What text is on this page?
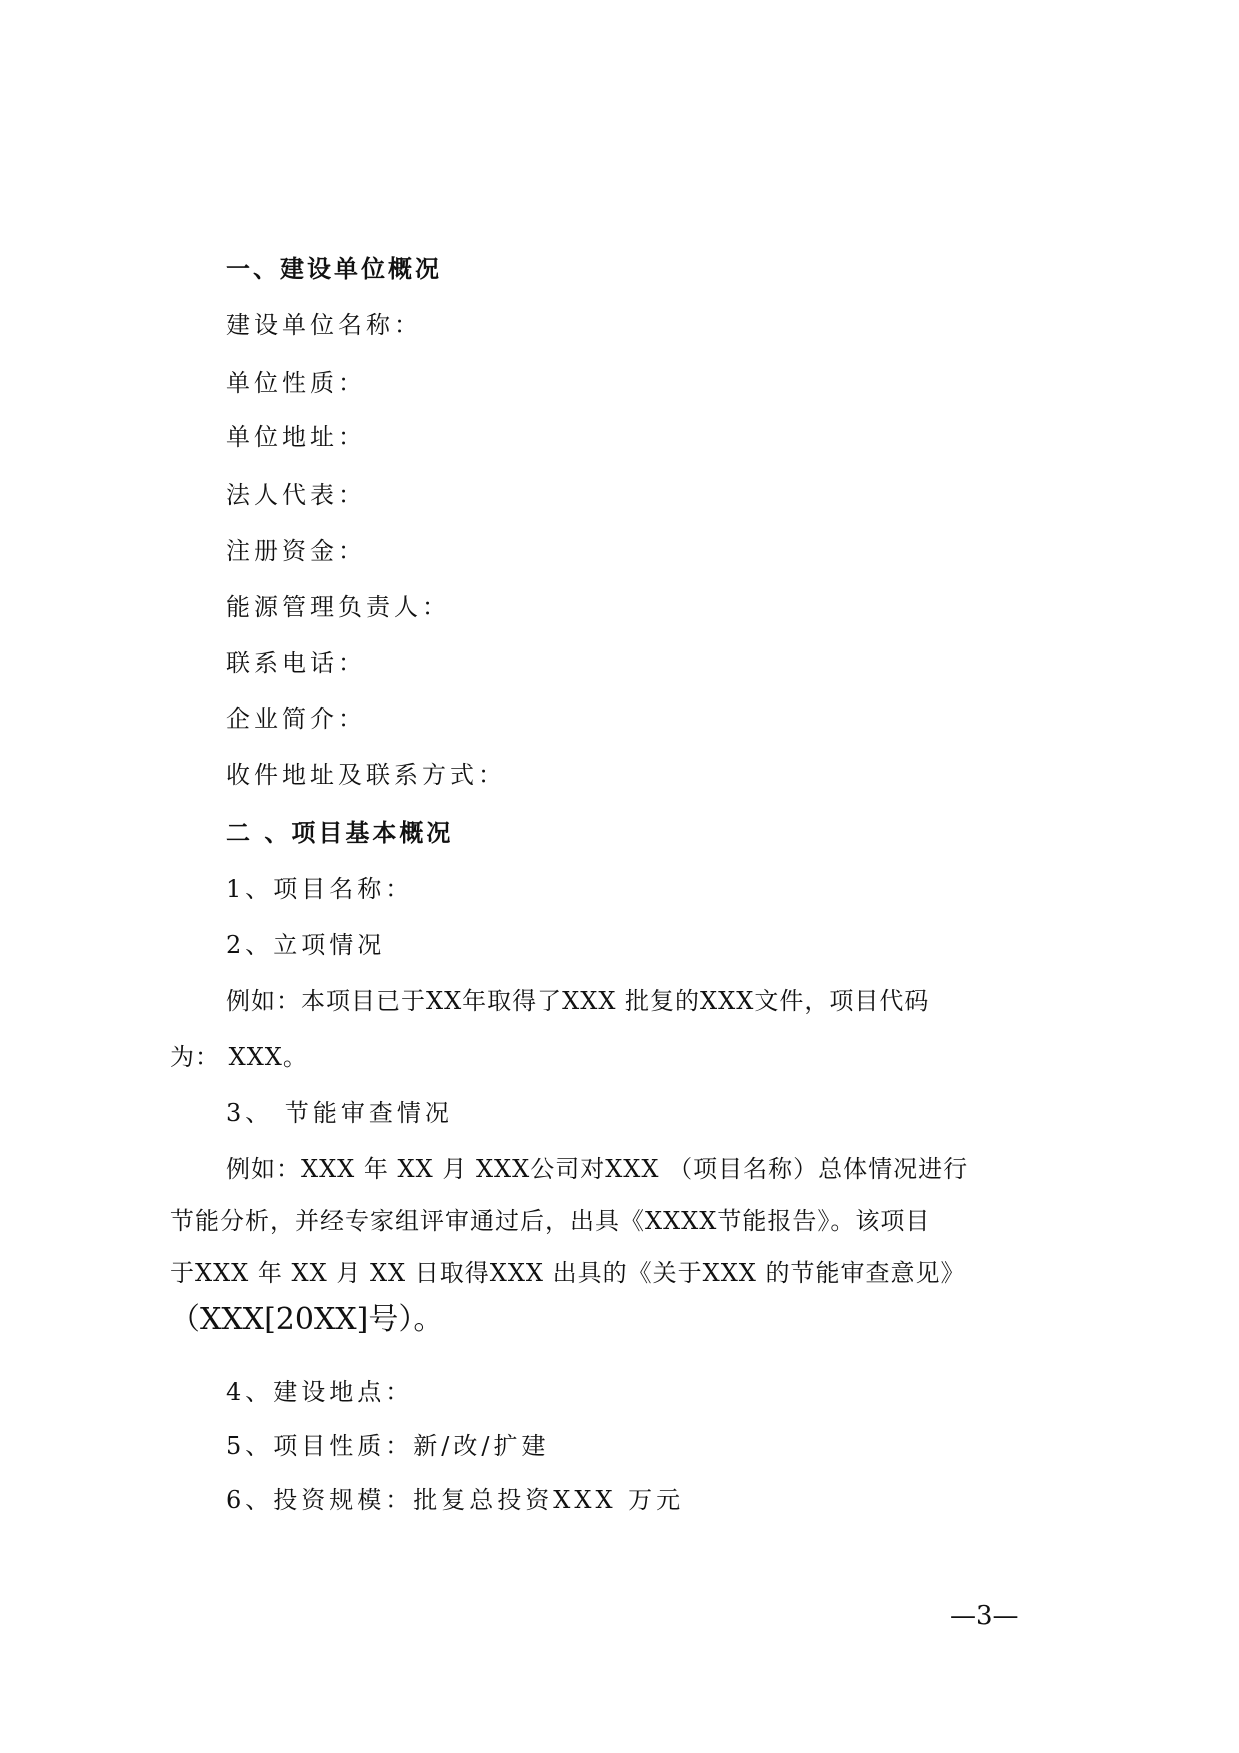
一、建设单位概况
建设单位名称：
单位性质：
单位地址：
法人代表：
注册资金：
能源管理负责人：
联系电话：
企业简介：
收件地址及联系方式：
二 、项目基本概况
1、项目名称：
2、立项情况
例如：本项目已于XX年取得了XXX 批复的XXX文件，项目代码
为： XXX。
3、 节能审查情况
例如：XXX 年 XX 月 XXX公司对XXX （项目名称）总体情况进行
节能分析，并经专家组评审通过后，出具《XXXX节能报告》。该项目
于XXX 年 XX 月 XX 日取得XXX 出具的《关于XXX 的节能审查意见》
（XXX[20XX]号）。
4、建设地点：
5、项目性质：新/改/扩建
6、投资规模：批复总投资XXX 万元
—3—
